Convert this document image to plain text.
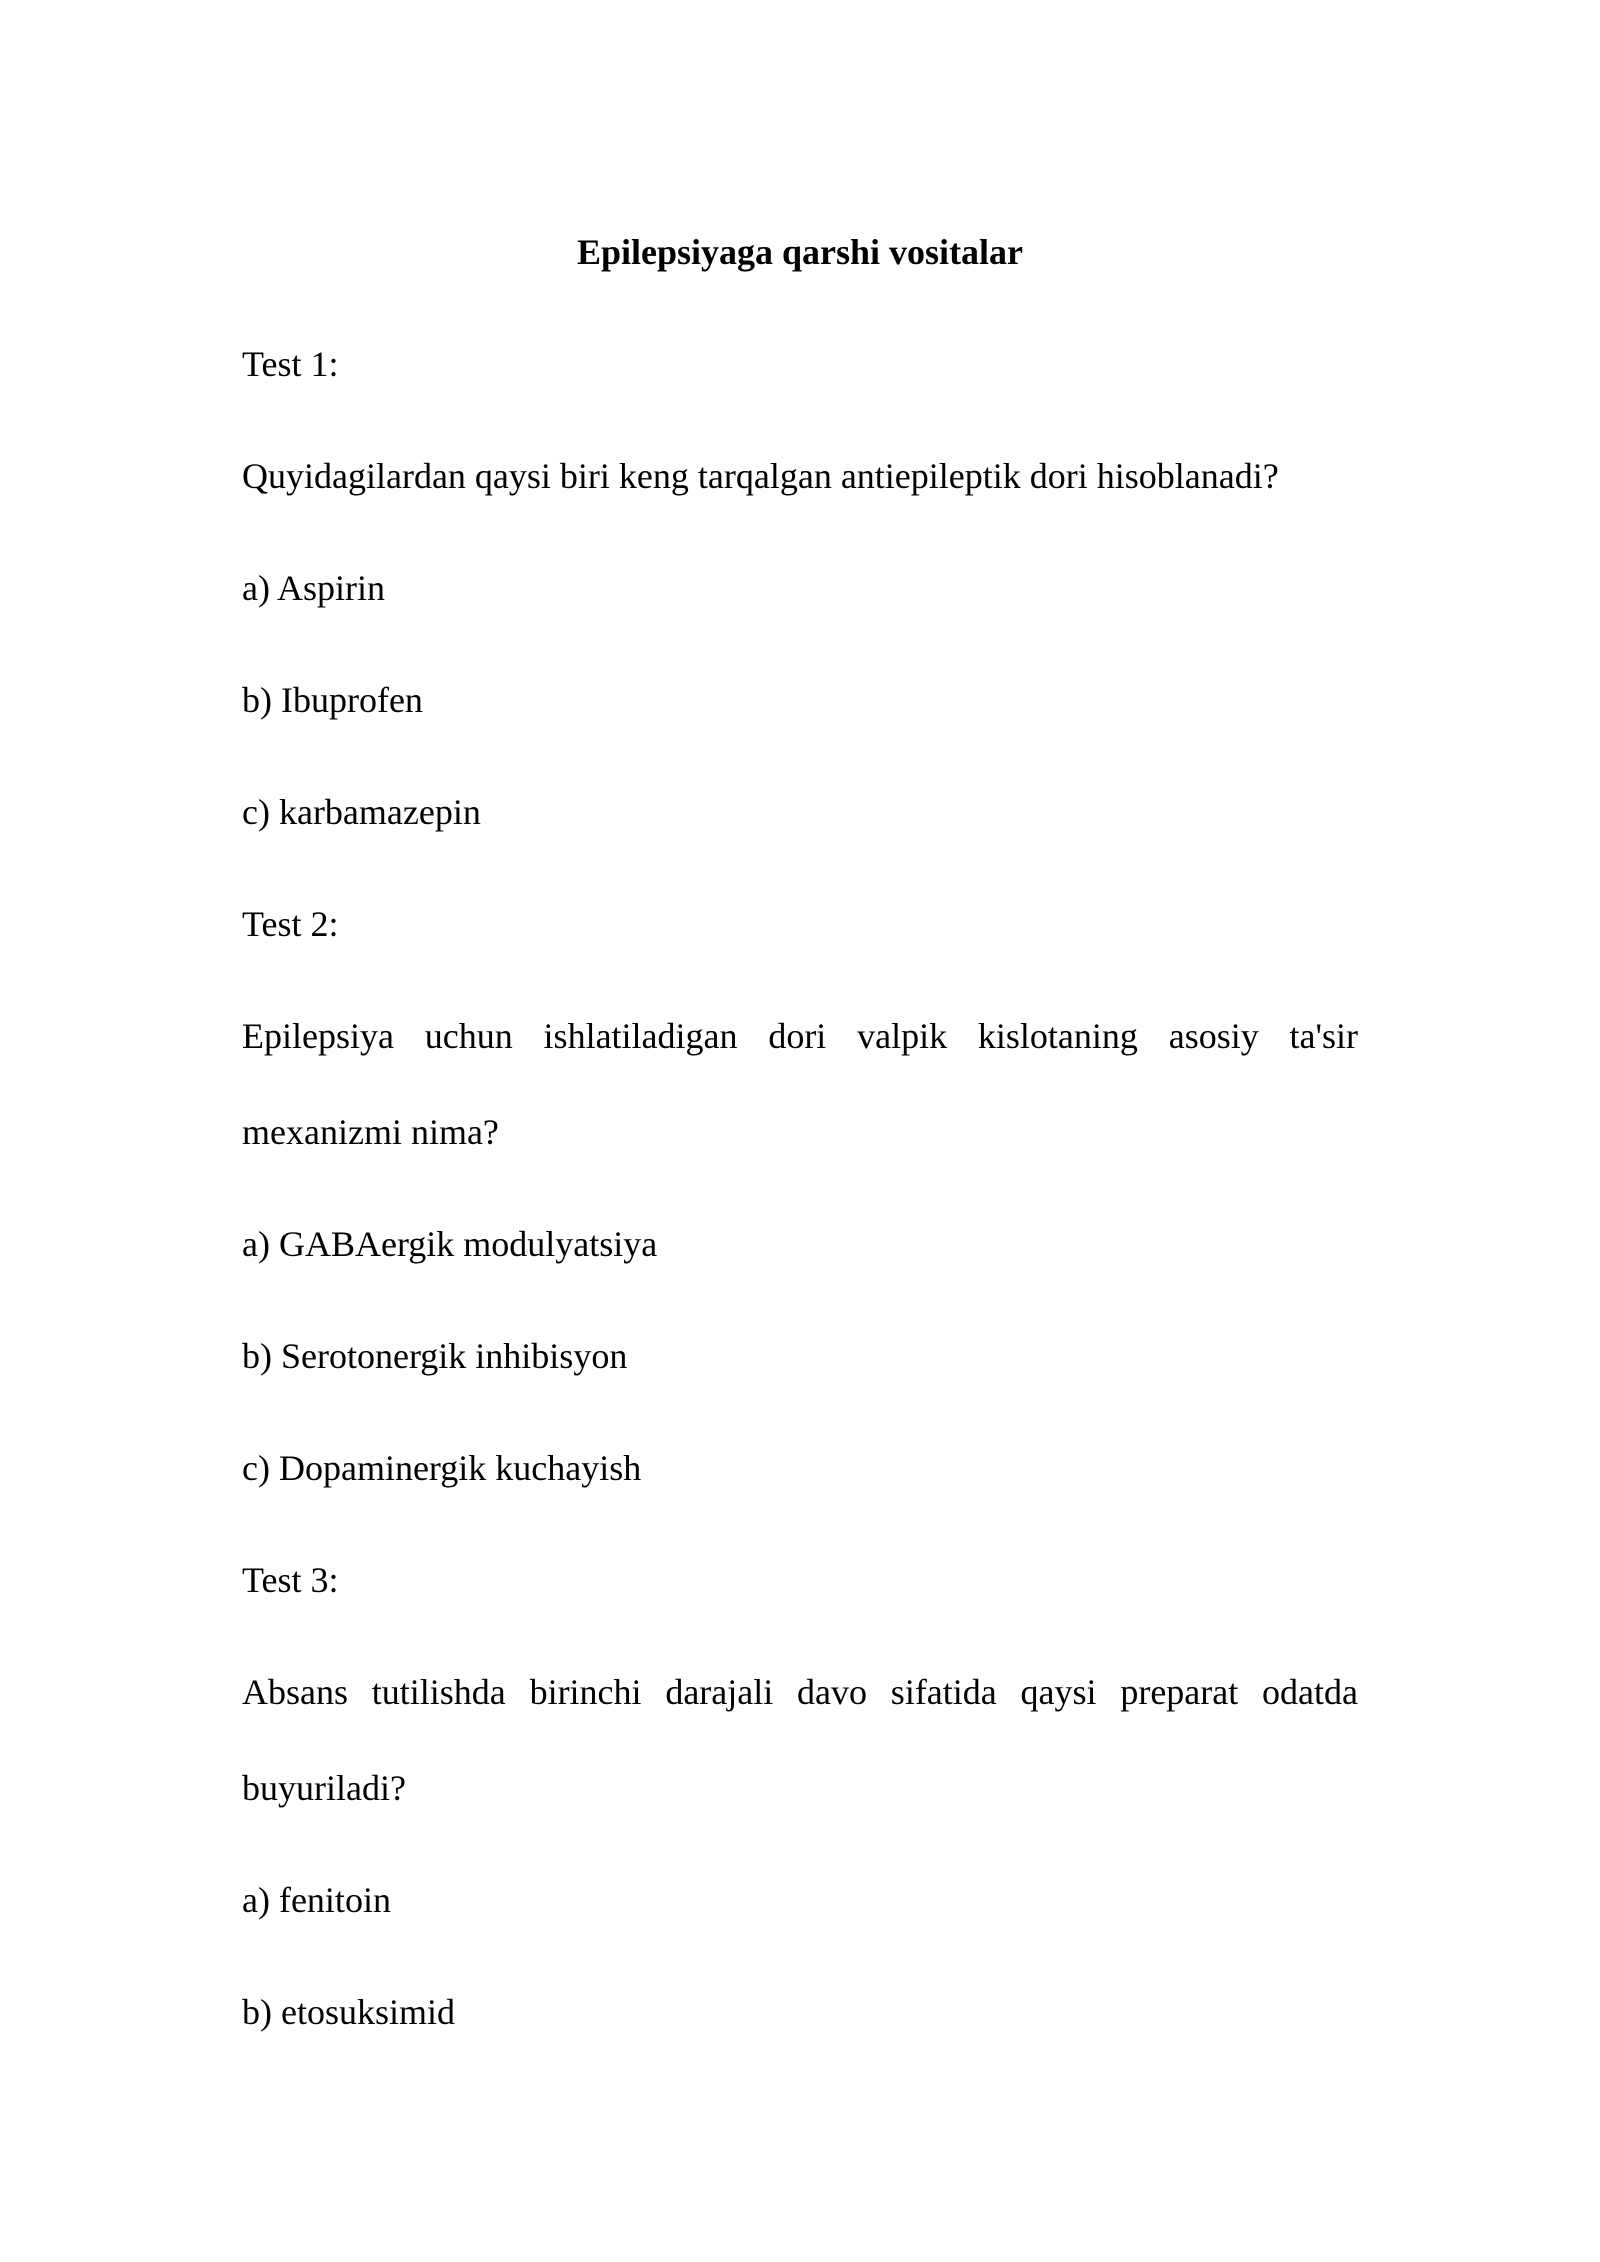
Epilepsiyaga qarshi vositalar

Test 1:

Quyidagilardan qaysi biri keng tarqalgan antiepileptik dori hisoblanadi?

a) Aspirin

b) Ibuprofen

c) karbamazepin

Test 2:

Epilepsiya uchun ishlatiladigan dori valpik kislotaning asosiy ta'sir

mexanizmi nima?

a) GABAergik modulyatsiya

b) Serotonergik inhibisyon

c) Dopaminergik kuchayish

Test 3:

Absans tutilishda birinchi darajali davo sifatida qaysi preparat odatda

buyuriladi?

a) fenitoin

b) etosuksimid
